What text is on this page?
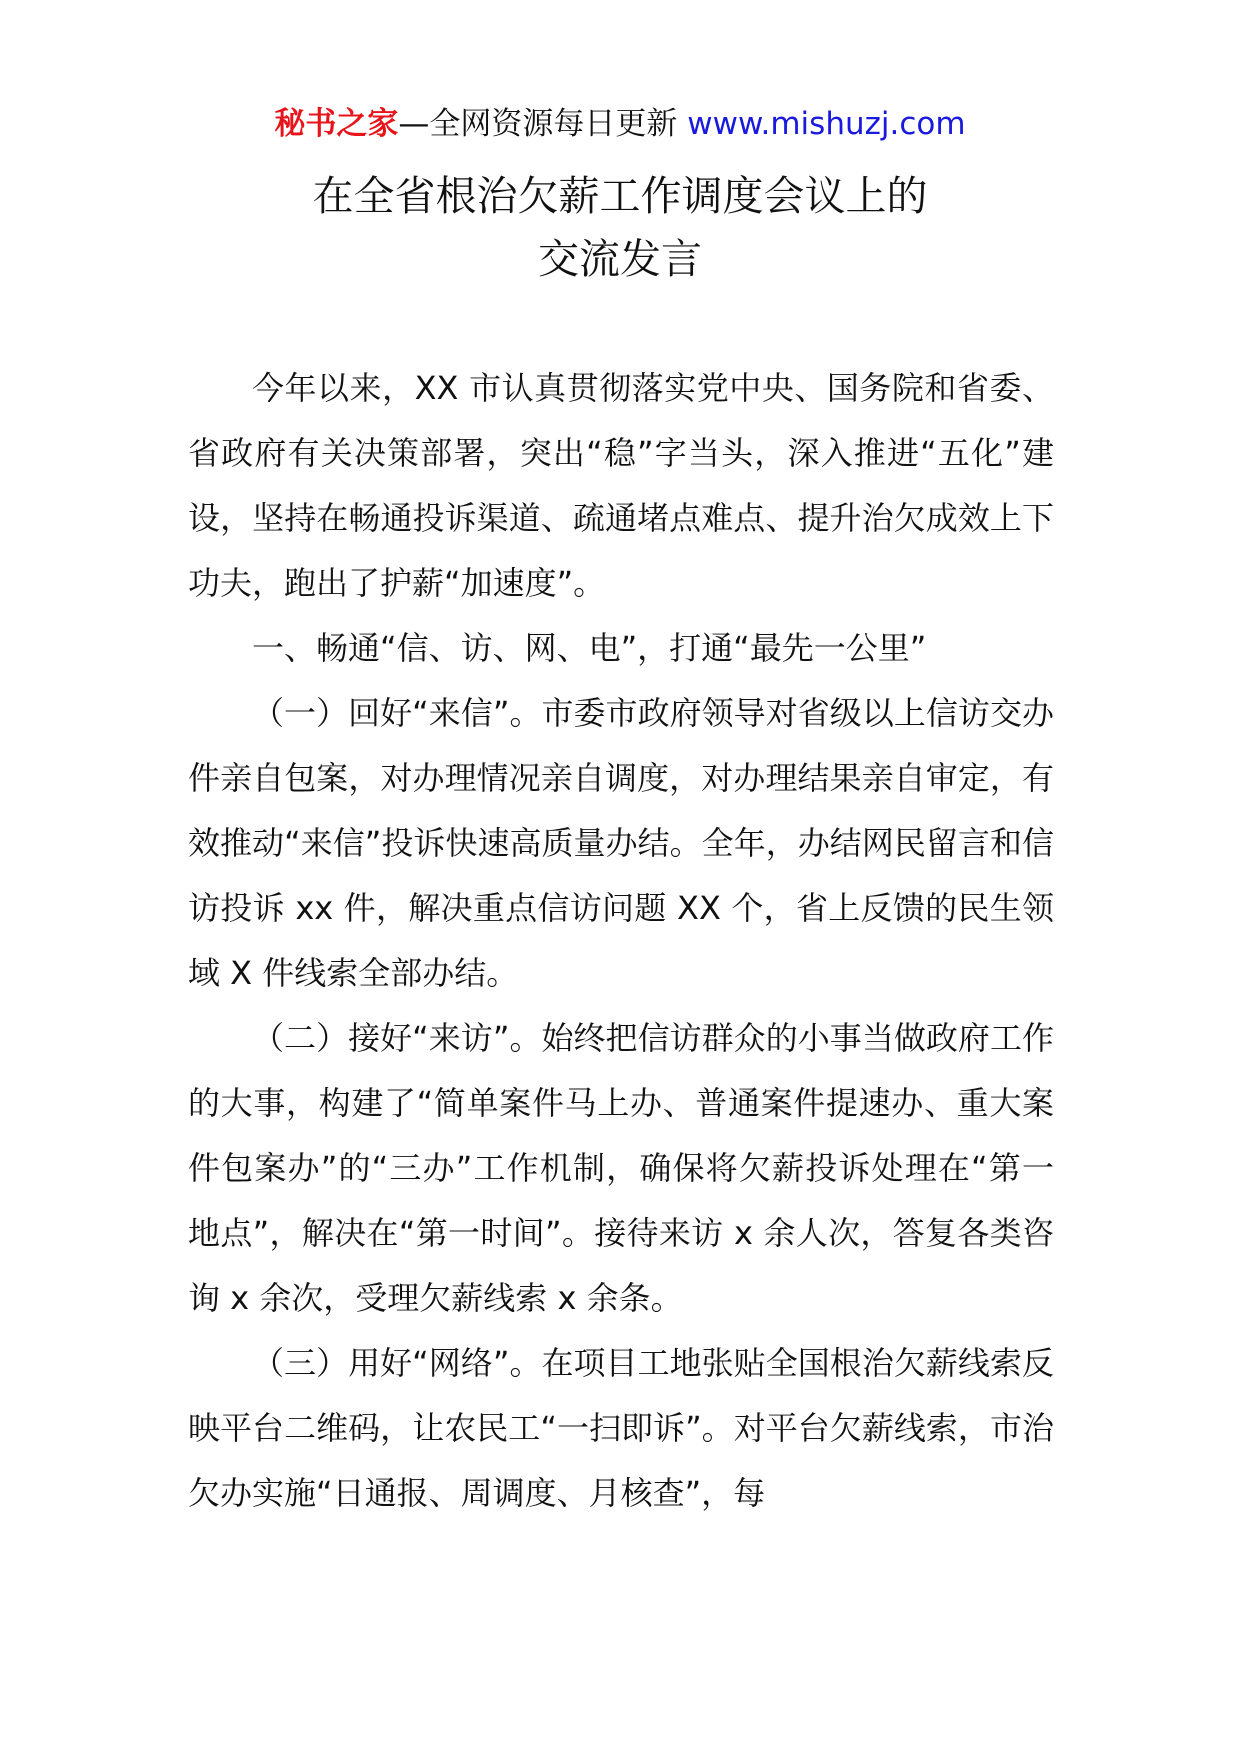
秘书之家—全网资源每日更新 www.mishuzj.com
在全省根治欠薪工作调度会议上的
交流发言

今年以来，XX 市认真贯彻落实党中央、国务院和省委、省政府有关决策部署，突出“稳”字当头，深入推进“五化”建设，坚持在畅通投诉渠道、疏通堵点难点、提升治欠成效上下功夫，跑出了护薪“加速度”。

一、畅通“信、访、网、电”，打通“最先一公里”

（一）回好“来信”。市委市政府领导对省级以上信访交办件亲自包案，对办理情况亲自调度，对办理结果亲自审定，有效推动“来信”投诉快速高质量办结。全年，办结网民留言和信访投诉 xx 件，解决重点信访问题 XX 个，省上反馈的民生领域 X 件线索全部办结。

（二）接好“来访”。始终把信访群众的小事当做政府工作的大事，构建了“简单案件马上办、普通案件提速办、重大案件包案办”的“三办”工作机制，确保将欠薪投诉处理在“第一地点”，解决在“第一时间”。接待来访 x 余人次，答复各类咨询 x 余次，受理欠薪线索 x 余条。

（三）用好“网络”。在项目工地张贴全国根治欠薪线索反映平台二维码，让农民工“一扫即诉”。对平台欠薪线索，市治欠办实施“日通报、周调度、月核查”，每
